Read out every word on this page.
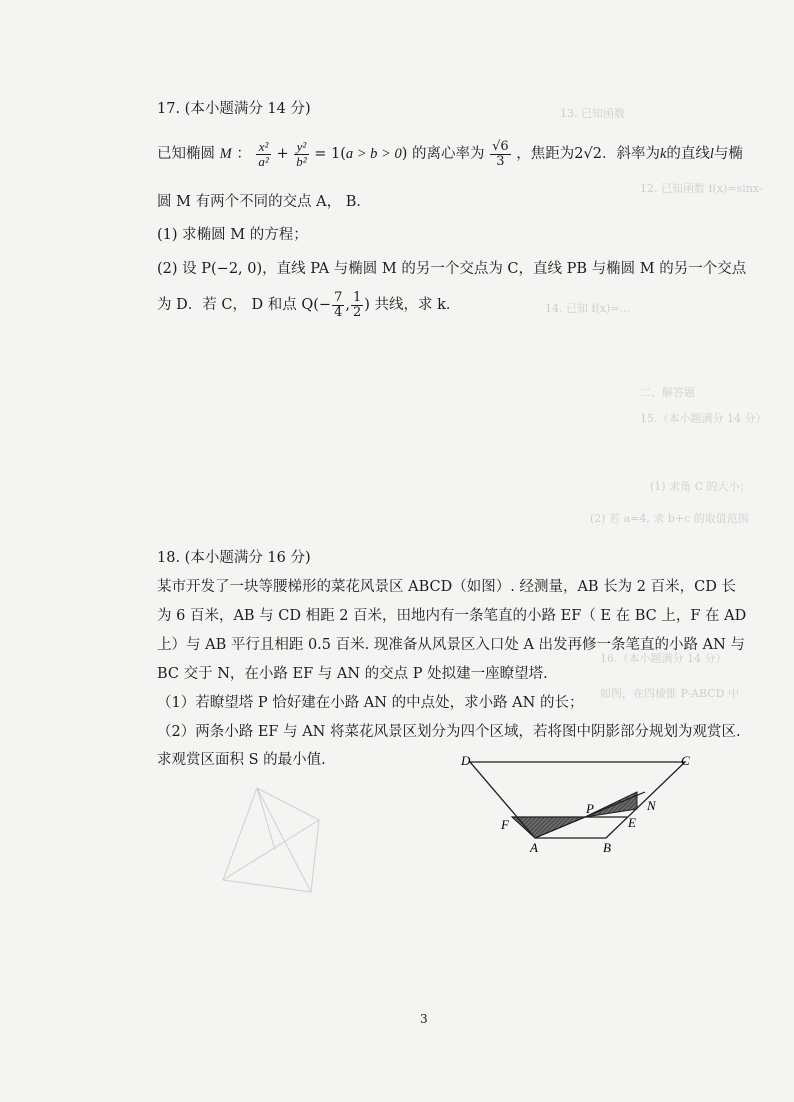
13. 已知函数
12. 已知函数 f(x)=sinx-
14. 已知 f(x)=…
二、解答题
15.（本小题满分 14 分）
(1) 求角 C 的大小；
(2) 若 a=4, 求 b+c 的取值范围
16.（本小题满分 14 分）
如图，在四棱锥 P-ABCD 中
17. (本小题满分 14 分)
已知椭圆 M ： $\frac{\text{x²}}{\text{a²}} + \frac{\text{y²}}{\text{b²}} = 1(a > b > 0)$ 的离心率为 $\frac{√6}{3}$ ，焦距为2√2．斜率为k的直线l与椭
圆 M 有两个不同的交点 A， B．
(1) 求椭圆 M 的方程；
(2) 设 P(−2, 0)，直线 PA 与椭圆 M 的另一个交点为 C，直线 PB 与椭圆 M 的另一个交点
为 D．若 C， D 和点 $Q(- \frac{7}{4}$ , $\frac{1}{2}$ ) 共线，求 k．
18. (本小题满分 16 分)
某市开发了一块等腰梯形的菜花风景区 ABCD（如图）. 经测量，AB 长为 2 百米，CD 长
为 6 百米，AB 与 CD 相距 2 百米，田地内有一条笔直的小路 EF（ E 在 BC 上，F 在 AD
上）与 AB 平行且相距 0.5 百米. 现准备从风景区入口处 A 出发再修一条笔直的小路 AN 与
BC 交于 N，在小路 EF 与 AN 的交点 P 处拟建一座瞭望塔.
（1）若瞭望塔 P 恰好建在小路 AN 的中点处，求小路 AN 的长；
（2）两条小路 EF 与 AN 将菜花风景区划分为四个区域，若将图中阴影部分规划为观赏区.
求观赏区面积 S 的最小值.	D	C
P	N
F	E
A	B
3
